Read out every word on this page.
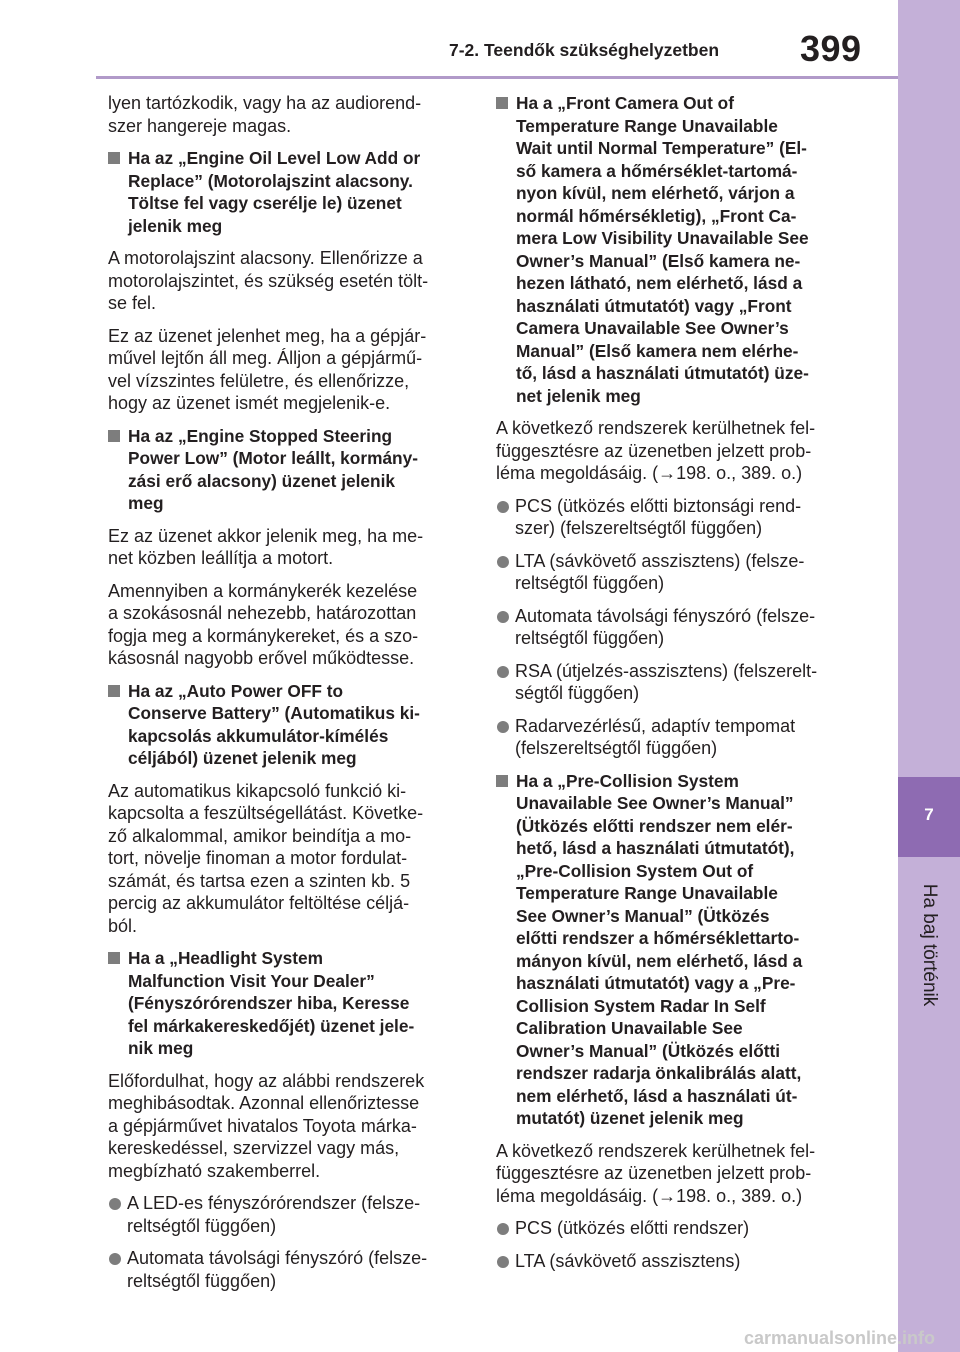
7-2. Teendők szükséghelyzetben	399
7
Ha baj történik

lyen tartózkodik, vagy ha az audiorend-
szer hangereje magas.

Ha az „Engine Oil Level Low Add or
Replace” (Motorolajszint alacsony.
Töltse fel vagy cserélje le) üzenet
jelenik meg

A motorolajszint alacsony. Ellenőrizze a
motorolajszintet, és szükség esetén tölt-
se fel.

Ez az üzenet jelenhet meg, ha a gépjár-
művel lejtőn áll meg. Álljon a gépjármű-
vel vízszintes felületre, és ellenőrizze,
hogy az üzenet ismét megjelenik-e.

Ha az „Engine Stopped Steering
Power Low” (Motor leállt, kormány-
zási erő alacsony) üzenet jelenik
meg

Ez az üzenet akkor jelenik meg, ha me-
net közben leállítja a motort.

Amennyiben a kormánykerék kezelése
a szokásosnál nehezebb, határozottan
fogja meg a kormánykereket, és a szo-
kásosnál nagyobb erővel működtesse.

Ha az „Auto Power OFF to
Conserve Battery” (Automatikus ki-
kapcsolás akkumulátor-kímélés
céljából) üzenet jelenik meg

Az automatikus kikapcsoló funkció ki-
kapcsolta a feszültségellátást. Követke-
ző alkalommal, amikor beindítja a mo-
tort, növelje finoman a motor fordulat-
számát, és tartsa ezen a szinten kb. 5
percig az akkumulátor feltöltése céljá-
ból.

Ha a „Headlight System
Malfunction Visit Your Dealer”
(Fényszórórendszer hiba, Keresse
fel márkakereskedőjét) üzenet jele-
nik meg

Előfordulhat, hogy az alábbi rendszerek
meghibásodtak. Azonnal ellenőriztesse
a gépjárművet hivatalos Toyota márka-
kereskedéssel, szervizzel vagy más,
megbízható szakemberrel.

A LED-es fényszórórendszer (felsze-
reltségtől függően)

Automata távolsági fényszóró (felsze-
reltségtől függően)

Ha a „Front Camera Out of
Temperature Range Unavailable
Wait until Normal Temperature” (El-
ső kamera a hőmérséklet-tartomá-
nyon kívül, nem elérhető, várjon a
normál hőmérsékletig), „Front Ca-
mera Low Visibility Unavailable See
Owner’s Manual” (Első kamera ne-
hezen látható, nem elérhető, lásd a
használati útmutatót) vagy „Front
Camera Unavailable See Owner’s
Manual” (Első kamera nem elérhe-
tő, lásd a használati útmutatót) üze-
net jelenik meg

A következő rendszerek kerülhetnek fel-
függesztésre az üzenetben jelzett prob-
léma megoldásáig. (→198. o., 389. o.)

PCS (ütközés előtti biztonsági rend-
szer) (felszereltségtől függően)

LTA (sávkövető asszisztens) (felsze-
reltségtől függően)

Automata távolsági fényszóró (felsze-
reltségtől függően)

RSA (útjelzés-asszisztens) (felszerelt-
ségtől függően)

Radarvezérlésű, adaptív tempomat
(felszereltségtől függően)

Ha a „Pre-Collision System
Unavailable See Owner’s Manual”
(Ütközés előtti rendszer nem elér-
hető, lásd a használati útmutatót),
„Pre-Collision System Out of
Temperature Range Unavailable
See Owner’s Manual” (Ütközés
előtti rendszer a hőmérséklettarto-
mányon kívül, nem elérhető, lásd a
használati útmutatót) vagy a „Pre-
Collision System Radar In Self
Calibration Unavailable See
Owner’s Manual” (Ütközés előtti
rendszer radarja önkalibrálás alatt,
nem elérhető, lásd a használati út-
mutatót) üzenet jelenik meg

A következő rendszerek kerülhetnek fel-
függesztésre az üzenetben jelzett prob-
léma megoldásáig. (→198. o., 389. o.)

PCS (ütközés előtti rendszer)

LTA (sávkövető asszisztens)

carmanualsonline.info
